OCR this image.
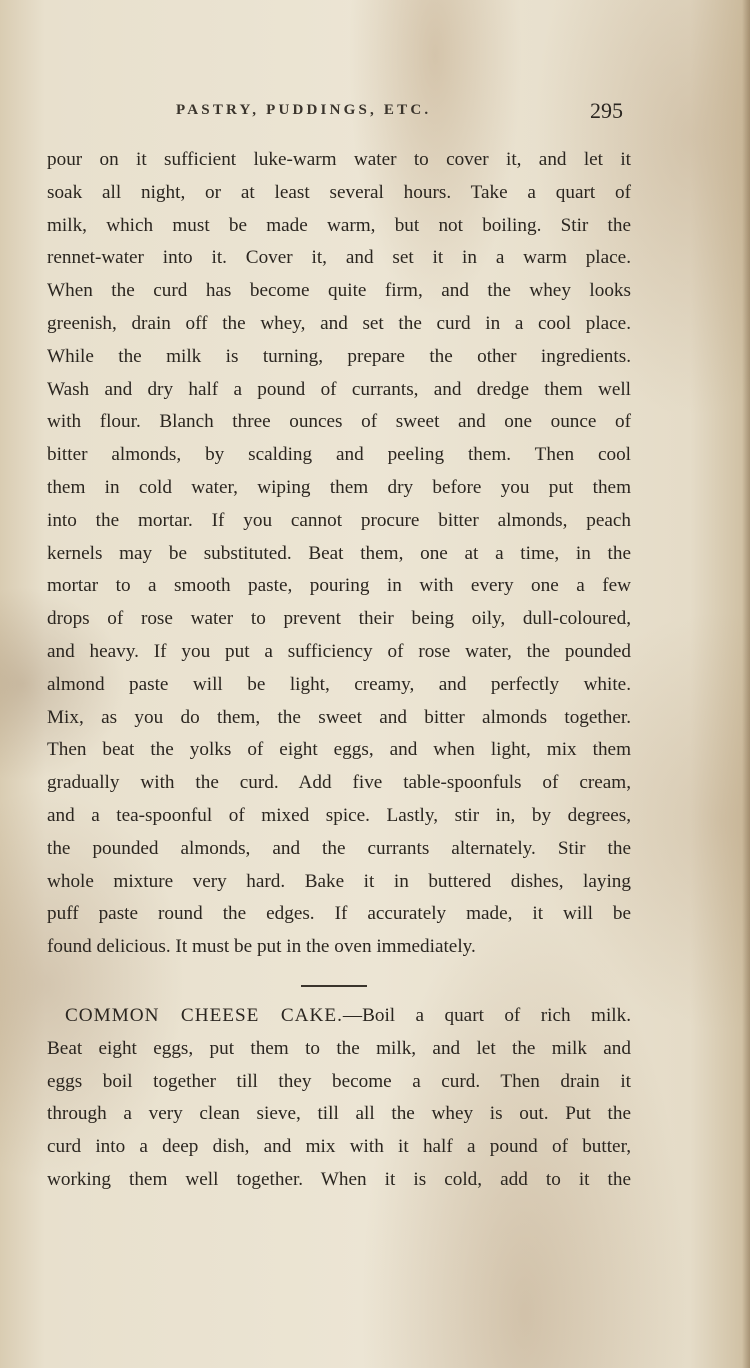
PASTRY, PUDDINGS, ETC.	295
pour on it sufficient luke-warm water to cover it, and let it
soak all night, or at least several hours. Take a quart of
milk, which must be made warm, but not boiling. Stir the
rennet-water into it. Cover it, and set it in a warm place.
When the curd has become quite firm, and the whey looks
greenish, drain off the whey, and set the curd in a cool place.
While the milk is turning, prepare the other ingredients.
Wash and dry half a pound of currants, and dredge them well
with flour. Blanch three ounces of sweet and one ounce of
bitter almonds, by scalding and peeling them. Then cool
them in cold water, wiping them dry before you put them
into the mortar. If you cannot procure bitter almonds, peach
kernels may be substituted. Beat them, one at a time, in the
mortar to a smooth paste, pouring in with every one a few
drops of rose water to prevent their being oily, dull-coloured,
and heavy. If you put a sufficiency of rose water, the pounded
almond paste will be light, creamy, and perfectly white.
Mix, as you do them, the sweet and bitter almonds together.
Then beat the yolks of eight eggs, and when light, mix them
gradually with the curd. Add five table-spoonfuls of cream,
and a tea-spoonful of mixed spice. Lastly, stir in, by degrees,
the pounded almonds, and the currants alternately. Stir the
whole mixture very hard. Bake it in buttered dishes, laying
puff paste round the edges. If accurately made, it will be
found delicious. It must be put in the oven immediately.
COMMON CHEESE CAKE.—Boil a quart of rich milk.
Beat eight eggs, put them to the milk, and let the milk and
eggs boil together till they become a curd. Then drain it
through a very clean sieve, till all the whey is out. Put the
curd into a deep dish, and mix with it half a pound of butter,
working them well together. When it is cold, add to it the
